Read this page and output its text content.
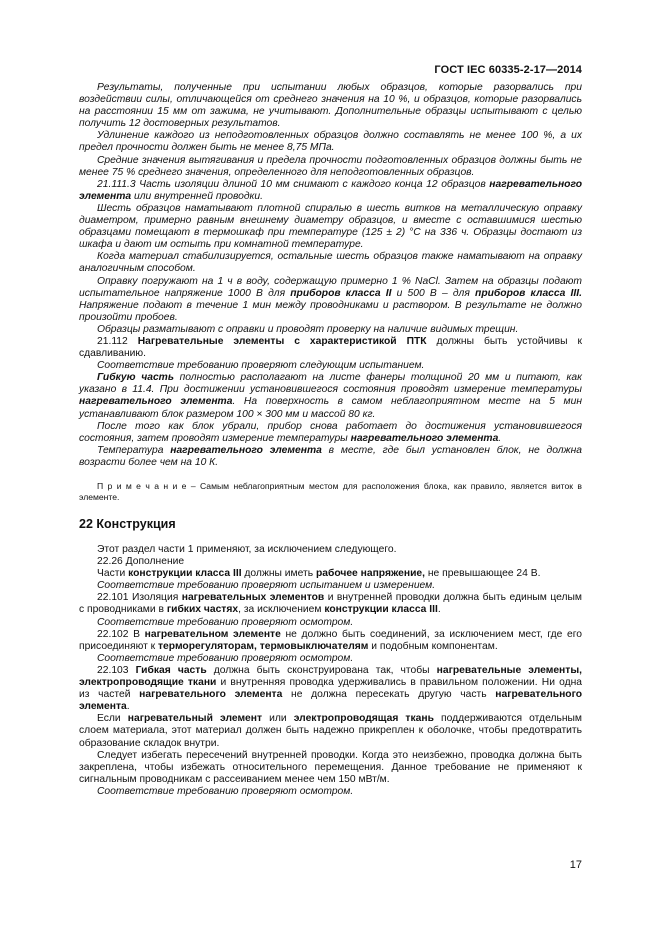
ГОСТ IEC 60335-2-17—2014

Результаты, полученные при испытании любых образцов, которые разорвались при воздействии силы, отличающейся от среднего значения на 10 %, и образцов, которые разорвались на расстоянии 15 мм от зажима, не учитывают. Дополнительные образцы испытывают с целью получить 12 достоверных результатов.

Удлинение каждого из неподготовленных образцов должно составлять не менее 100 %, а их предел прочности должен быть не менее 8,75 МПа.

Средние значения вытягивания и предела прочности подготовленных образцов должны быть не менее 75 % среднего значения, определенного для неподготовленных образцов.

21.111.3 Часть изоляции длиной 10 мм снимают с каждого конца 12 образцов нагревательного элемента или внутренней проводки.

Шесть образцов наматывают плотной спиралью в шесть витков на металлическую оправку диаметром, примерно равным внешнему диаметру образцов, и вместе с оставшимися шестью образцами помещают в термошкаф при температуре (125 ± 2) °С на 336 ч. Образцы достают из шкафа и дают им остыть при комнатной температуре.

Когда материал стабилизируется, остальные шесть образцов также наматывают на оправку аналогичным способом.

Оправку погружают на 1 ч в воду, содержащую примерно 1 % NaCl. Затем на образцы подают испытательное напряжение 1000 В для приборов класса II и 500 В – для приборов класса III. Напряжение подают в течение 1 мин между проводниками и раствором. В результате не должно произойти пробоев.

Образцы разматывают с оправки и проводят проверку на наличие видимых трещин.

21.112 Нагревательные элементы с характеристикой ПТК должны быть устойчивы к сдавливанию.

Соответствие требованию проверяют следующим испытанием.

Гибкую часть полностью располагают на листе фанеры толщиной 20 мм и питают, как указано в 11.4. При достижении установившегося состояния проводят измерение температуры нагревательного элемента. На поверхность в самом неблагоприятном месте на 5 мин устанавливают блок размером 100 × 300 мм и массой 80 кг.

После того как блок убрали, прибор снова работает до достижения установившегося состояния, затем проводят измерение температуры нагревательного элемента.

Температура нагревательного элемента в месте, где был установлен блок, не должна возрасти более чем на 10 К.

П р и м е ч а н и е – Самым неблагоприятным местом для расположения блока, как правило, является виток в элементе.

22 Конструкция

Этот раздел части 1 применяют, за исключением следующего.

22.26 Дополнение

Части конструкции класса III должны иметь рабочее напряжение, не превышающее 24 В.

Соответствие требованию проверяют испытанием и измерением.

22.101 Изоляция нагревательных элементов и внутренней проводки должна быть единым целым с проводниками в гибких частях, за исключением конструкции класса III.

Соответствие требованию проверяют осмотром.

22.102 В нагревательном элементе не должно быть соединений, за исключением мест, где его присоединяют к терморегуляторам, термовыключателям и подобным компонентам.

Соответствие требованию проверяют осмотром.

22.103 Гибкая часть должна быть сконструирована так, чтобы нагревательные элементы, электропроводящие ткани и внутренняя проводка удерживались в правильном положении. Ни одна из частей нагревательного элемента не должна пересекать другую часть нагревательного элемента.

Если нагревательный элемент или электропроводящая ткань поддерживаются отдельным слоем материала, этот материал должен быть надежно прикреплен к оболочке, чтобы предотвратить образование складок внутри.

Следует избегать пересечений внутренней проводки. Когда это неизбежно, проводка должна быть закреплена, чтобы избежать относительного перемещения. Данное требование не применяют к сигнальным проводникам с рассеиванием менее чем 150 мВт/м.

Соответствие требованию проверяют осмотром.

17
